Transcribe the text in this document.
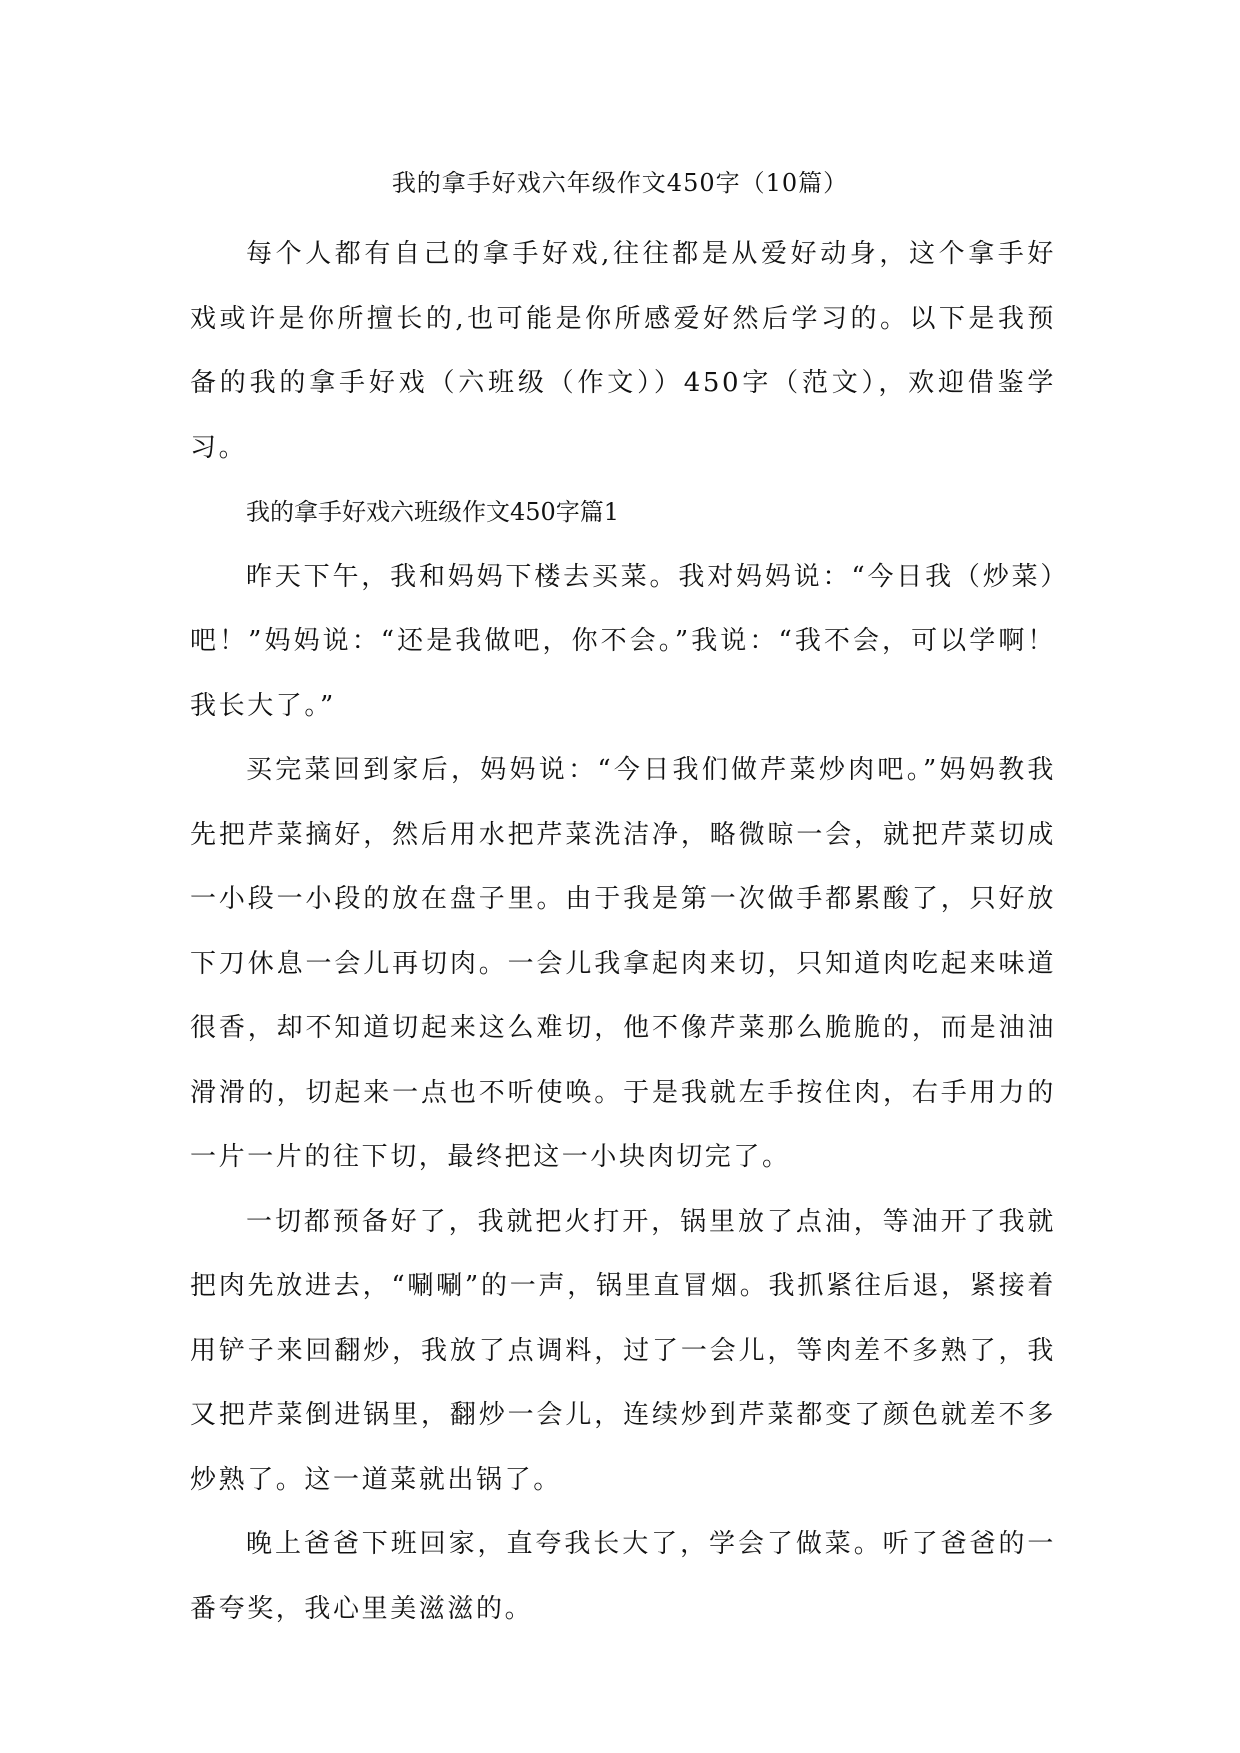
我的拿手好戏六年级作文450字（10篇）

每个人都有自己的拿手好戏,往往都是从爱好动身，这个拿手好戏或许是你所擅长的,也可能是你所感爱好然后学习的。以下是我预备的我的拿手好戏（六班级（作文））450字（范文），欢迎借鉴学习。

我的拿手好戏六班级作文450字篇1

昨天下午，我和妈妈下楼去买菜。我对妈妈说：“今日我（炒菜）吧！”妈妈说：“还是我做吧，你不会。”我说：“我不会，可以学啊！我长大了。”

买完菜回到家后，妈妈说：“今日我们做芹菜炒肉吧。”妈妈教我先把芹菜摘好，然后用水把芹菜洗洁净，略微晾一会，就把芹菜切成一小段一小段的放在盘子里。由于我是第一次做手都累酸了，只好放下刀休息一会儿再切肉。一会儿我拿起肉来切，只知道肉吃起来味道很香，却不知道切起来这么难切，他不像芹菜那么脆脆的，而是油油滑滑的，切起来一点也不听使唤。于是我就左手按住肉，右手用力的一片一片的往下切，最终把这一小块肉切完了。

一切都预备好了，我就把火打开，锅里放了点油，等油开了我就把肉先放进去，“唰唰”的一声，锅里直冒烟。我抓紧往后退，紧接着用铲子来回翻炒，我放了点调料，过了一会儿，等肉差不多熟了，我又把芹菜倒进锅里，翻炒一会儿，连续炒到芹菜都变了颜色就差不多炒熟了。这一道菜就出锅了。

晚上爸爸下班回家，直夸我长大了，学会了做菜。听了爸爸的一番夸奖，我心里美滋滋的。
